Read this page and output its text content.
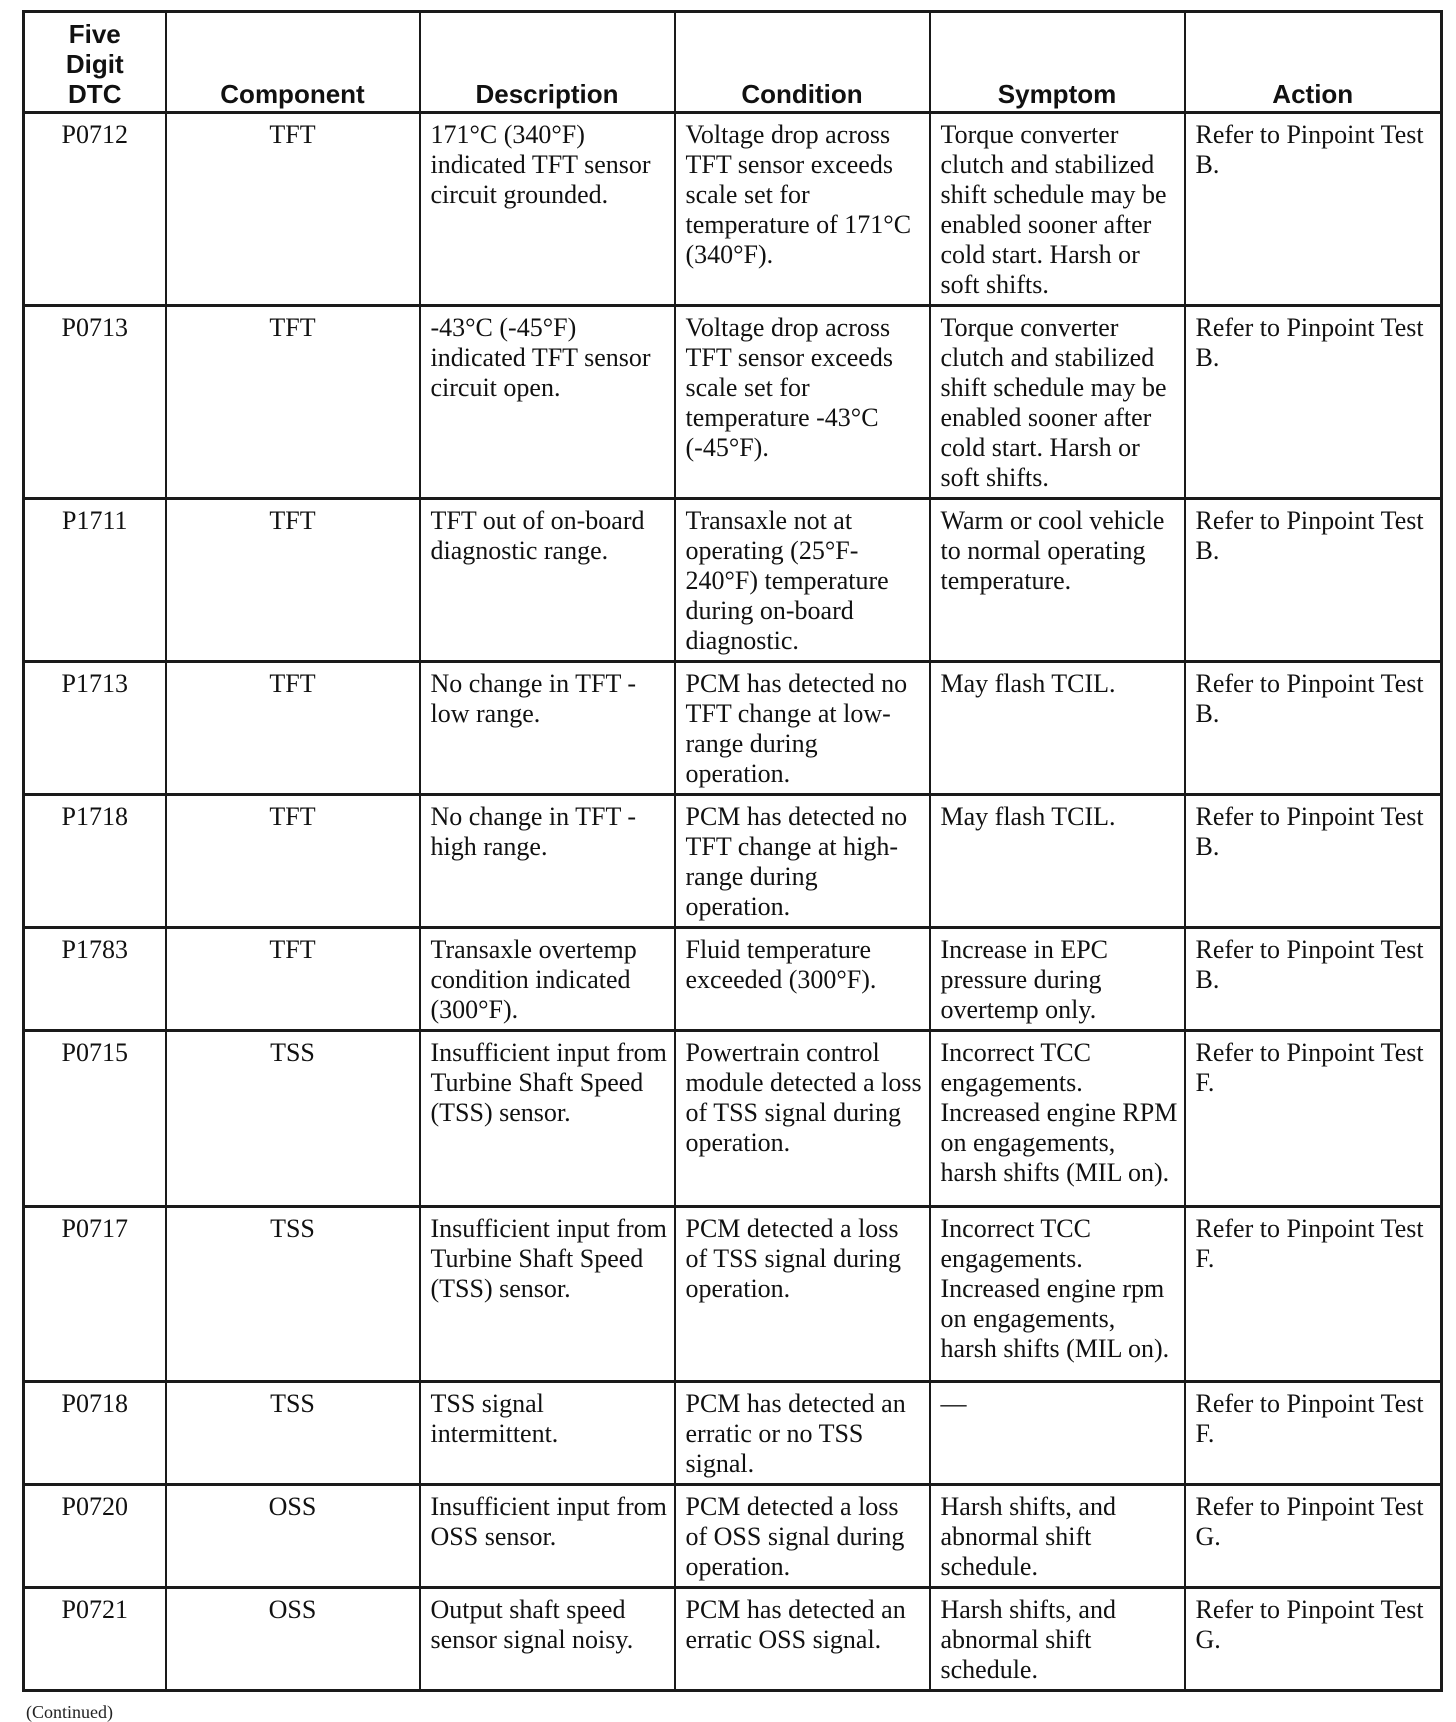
Five
Digit
DTC	Component	Description	Condition	Symptom	Action
P0712	TFT	171°C (340°F) indicated TFT sensor circuit grounded.	Voltage drop across TFT sensor exceeds scale set for temperature of 171°C (340°F).	Torque converter clutch and stabilized shift schedule may be enabled sooner after cold start. Harsh or soft shifts.	Refer to Pinpoint Test B.
P0713	TFT	-43°C (-45°F) indicated TFT sensor circuit open.	Voltage drop across TFT sensor exceeds scale set for temperature -43°C (-45°F).	Torque converter clutch and stabilized shift schedule may be enabled sooner after cold start. Harsh or soft shifts.	Refer to Pinpoint Test B.
P1711	TFT	TFT out of on-board diagnostic range.	Transaxle not at operating (25°F-240°F) temperature during on-board diagnostic.	Warm or cool vehicle to normal operating temperature.	Refer to Pinpoint Test B.
P1713	TFT	No change in TFT - low range.	PCM has detected no TFT change at low-range during operation.	May flash TCIL.	Refer to Pinpoint Test B.
P1718	TFT	No change in TFT - high range.	PCM has detected no TFT change at high-range during operation.	May flash TCIL.	Refer to Pinpoint Test B.
P1783	TFT	Transaxle overtemp condition indicated (300°F).	Fluid temperature exceeded (300°F).	Increase in EPC pressure during overtemp only.	Refer to Pinpoint Test B.
P0715	TSS	Insufficient input from Turbine Shaft Speed (TSS) sensor.	Powertrain control module detected a loss of TSS signal during operation.	Incorrect TCC engagements. Increased engine RPM on engagements, harsh shifts (MIL on).	Refer to Pinpoint Test F.
P0717	TSS	Insufficient input from Turbine Shaft Speed (TSS) sensor.	PCM detected a loss of TSS signal during operation.	Incorrect TCC engagements. Increased engine rpm on engagements, harsh shifts (MIL on).	Refer to Pinpoint Test F.
P0718	TSS	TSS signal intermittent.	PCM has detected an erratic or no TSS signal.	—	Refer to Pinpoint Test F.
P0720	OSS	Insufficient input from OSS sensor.	PCM detected a loss of OSS signal during operation.	Harsh shifts, and abnormal shift schedule.	Refer to Pinpoint Test G.
P0721	OSS	Output shaft speed sensor signal noisy.	PCM has detected an erratic OSS signal.	Harsh shifts, and abnormal shift schedule.	Refer to Pinpoint Test G.
(Continued)
